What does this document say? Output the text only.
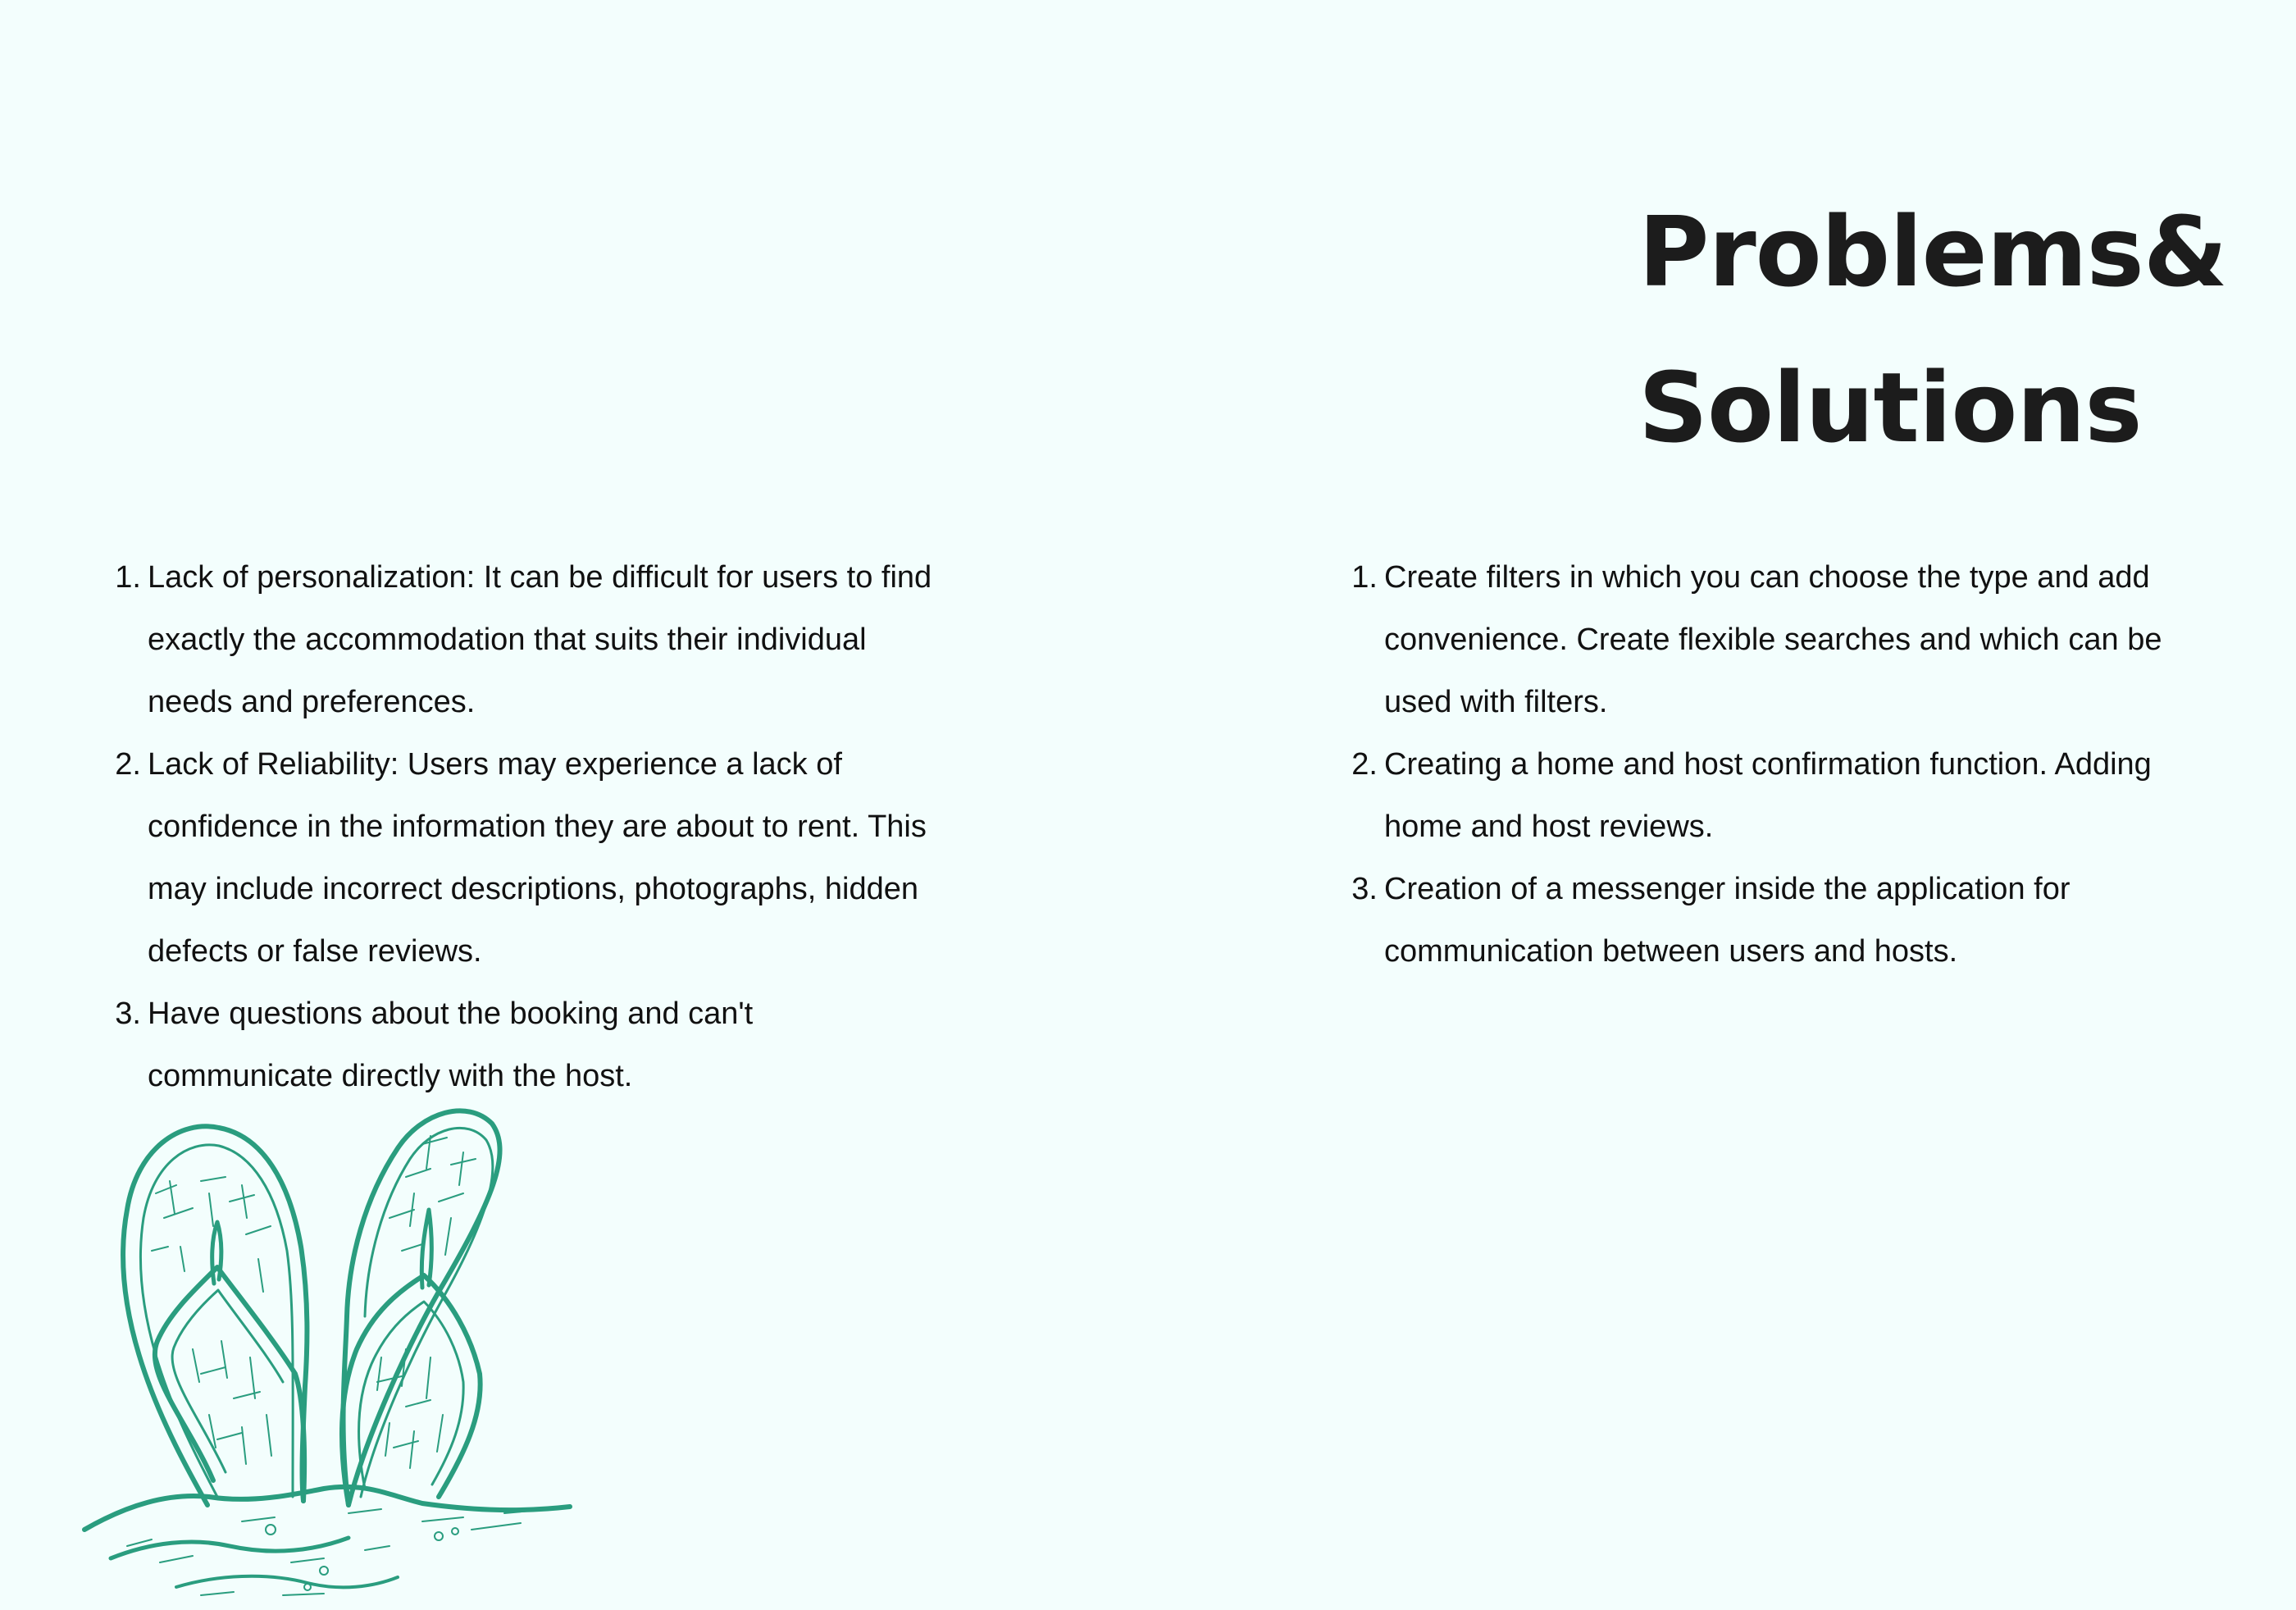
Problems&
Solutions
1. Lack of personalization: It can be difficult for users to find
exactly the accommodation that suits their individual
needs and preferences.
2. Lack of Reliability: Users may experience a lack of
confidence in the information they are about to rent. This
may include incorrect descriptions, photographs, hidden
defects or false reviews.
3. Have questions about the booking and can't
communicate directly with the host.
1. Create filters in which you can choose the type and add
convenience. Create flexible searches and which can be
used with filters.
2. Creating a home and host confirmation function. Adding
home and host reviews.
3. Creation of a messenger inside the application for
communication between users and hosts.
